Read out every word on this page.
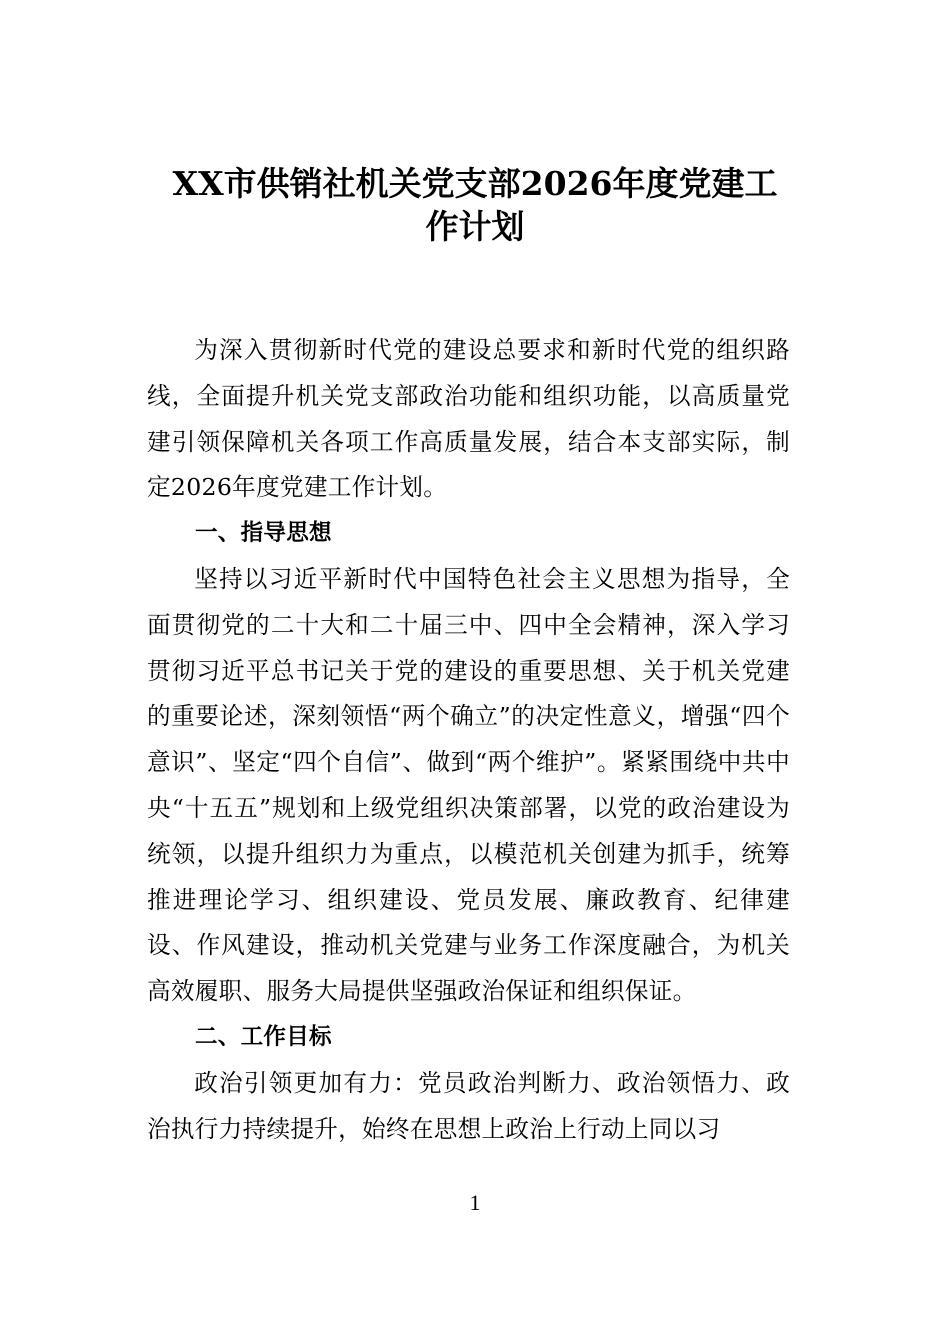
XX市供销社机关党支部2026年度党建工
作计划

为深入贯彻新时代党的建设总要求和新时代党的组织路线，全面提升机关党支部政治功能和组织功能，以高质量党建引领保障机关各项工作高质量发展，结合本支部实际，制定2026年度党建工作计划。

一、指导思想

坚持以习近平新时代中国特色社会主义思想为指导，全面贯彻党的二十大和二十届三中、四中全会精神，深入学习贯彻习近平总书记关于党的建设的重要思想、关于机关党建的重要论述，深刻领悟“两个确立”的决定性意义，增强“四个意识”、坚定“四个自信”、做到“两个维护”。紧紧围绕中共中央“十五五”规划和上级党组织决策部署，以党的政治建设为统领，以提升组织力为重点，以模范机关创建为抓手，统筹推进理论学习、组织建设、党员发展、廉政教育、纪律建设、作风建设，推动机关党建与业务工作深度融合，为机关高效履职、服务大局提供坚强政治保证和组织保证。

二、工作目标

政治引领更加有力：党员政治判断力、政治领悟力、政治执行力持续提升，始终在思想上政治上行动上同以习

1
